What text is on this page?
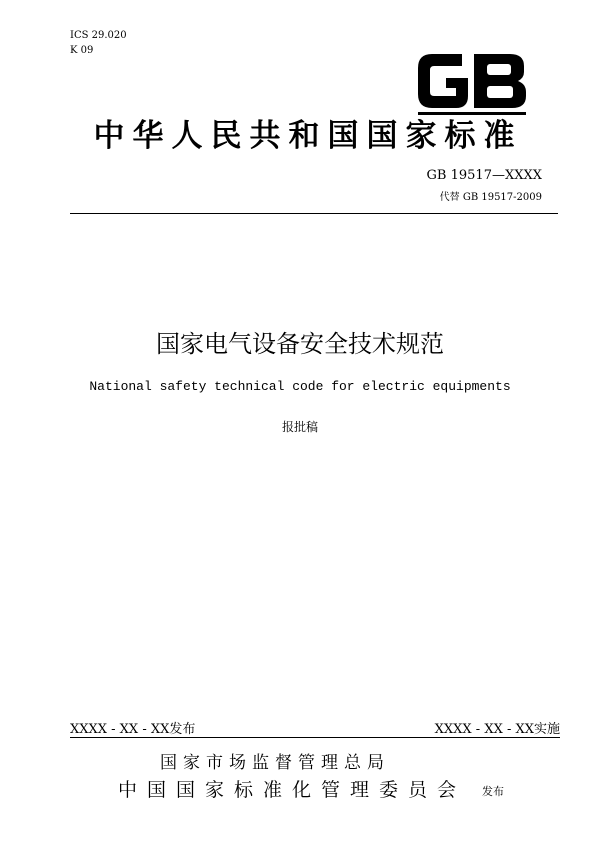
ICS 29.020
K 09
中华人民共和国国家标准
GB 19517—XXXX
代替 GB 19517-2009
国家电气设备安全技术规范
National safety technical code for electric equipments
报批稿
XXXX - XX - XX发布	XXXX - XX - XX实施
国家市场监督管理总局
中国国家标准化管理委员会 发布
